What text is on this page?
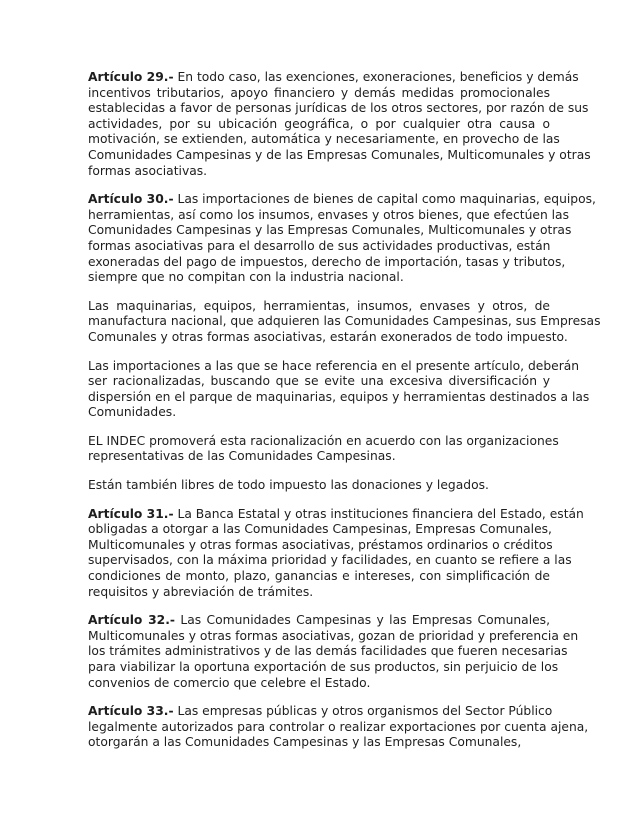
Artículo 29.- En todo caso, las exenciones, exoneraciones, beneficios y demás
incentivos tributarios, apoyo financiero y demás medidas promocionales
establecidas a favor de personas jurídicas de los otros sectores, por razón de sus
actividades, por su ubicación geográfica, o por cualquier otra causa o
motivación, se extienden, automática y necesariamente, en provecho de las
Comunidades Campesinas y de las Empresas Comunales, Multicomunales y otras
formas asociativas.
Artículo 30.- Las importaciones de bienes de capital como maquinarias, equipos,
herramientas, así como los insumos, envases y otros bienes, que efectúen las
Comunidades Campesinas y las Empresas Comunales, Multicomunales y otras
formas asociativas para el desarrollo de sus actividades productivas, están
exoneradas del pago de impuestos, derecho de importación, tasas y tributos,
siempre que no compitan con la industria nacional.
Las maquinarias, equipos, herramientas, insumos, envases y otros, de
manufactura nacional, que adquieren las Comunidades Campesinas, sus Empresas
Comunales y otras formas asociativas, estarán exonerados de todo impuesto.
Las importaciones a las que se hace referencia en el presente artículo, deberán
ser racionalizadas, buscando que se evite una excesiva diversificación y
dispersión en el parque de maquinarias, equipos y herramientas destinados a las
Comunidades.
EL INDEC promoverá esta racionalización en acuerdo con las organizaciones
representativas de las Comunidades Campesinas.
Están también libres de todo impuesto las donaciones y legados.
Artículo 31.- La Banca Estatal y otras instituciones financiera del Estado, están
obligadas a otorgar a las Comunidades Campesinas, Empresas Comunales,
Multicomunales y otras formas asociativas, préstamos ordinarios o créditos
supervisados, con la máxima prioridad y facilidades, en cuanto se refiere a las
condiciones de monto, plazo, ganancias e intereses, con simplificación de
requisitos y abreviación de trámites.
Artículo 32.- Las Comunidades Campesinas y las Empresas Comunales,
Multicomunales y otras formas asociativas, gozan de prioridad y preferencia en
los trámites administrativos y de las demás facilidades que fueren necesarias
para viabilizar la oportuna exportación de sus productos, sin perjuicio de los
convenios de comercio que celebre el Estado.
Artículo 33.- Las empresas públicas y otros organismos del Sector Público
legalmente autorizados para controlar o realizar exportaciones por cuenta ajena,
otorgarán a las Comunidades Campesinas y las Empresas Comunales,
